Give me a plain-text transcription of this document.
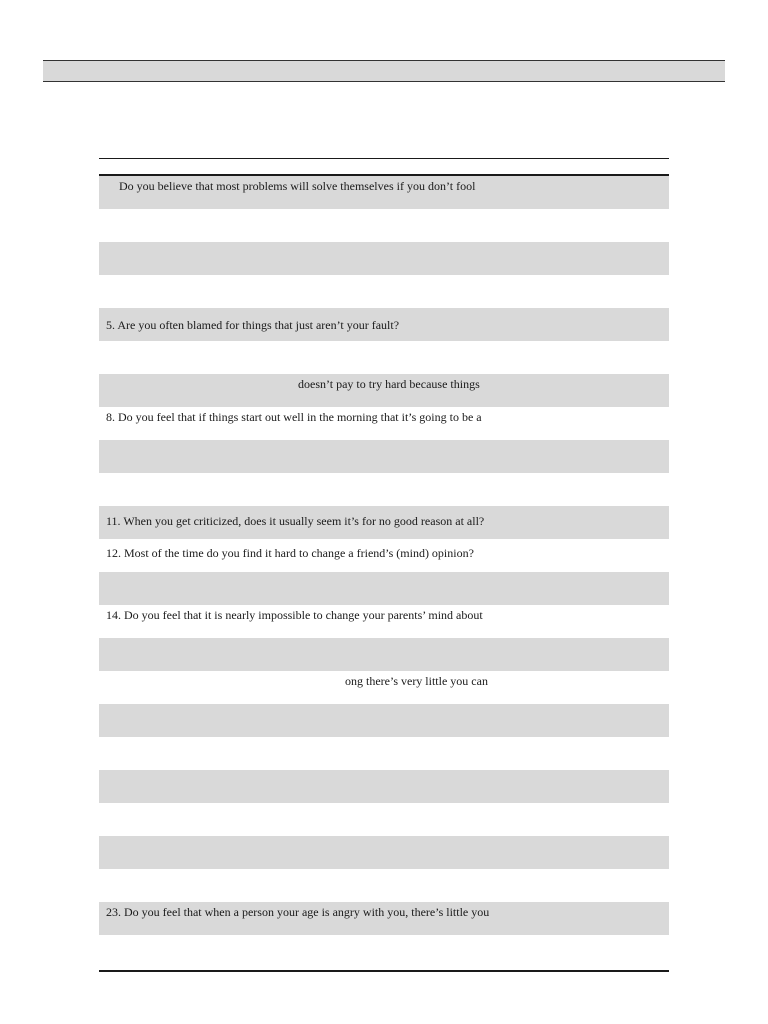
Do you believe that most problems will solve themselves if you don’t fool
5. Are you often blamed for things that just aren’t your fault?
doesn’t pay to try hard because things
8. Do you feel that if things start out well in the morning that it’s going to be a
11. When you get criticized, does it usually seem it’s for no good reason at all?
12. Most of the time do you find it hard to change a friend’s (mind) opinion?
14. Do you feel that it is nearly impossible to change your parents’ mind about
ong there’s very little you can
23. Do you feel that when a person your age is angry with you, there’s little you
